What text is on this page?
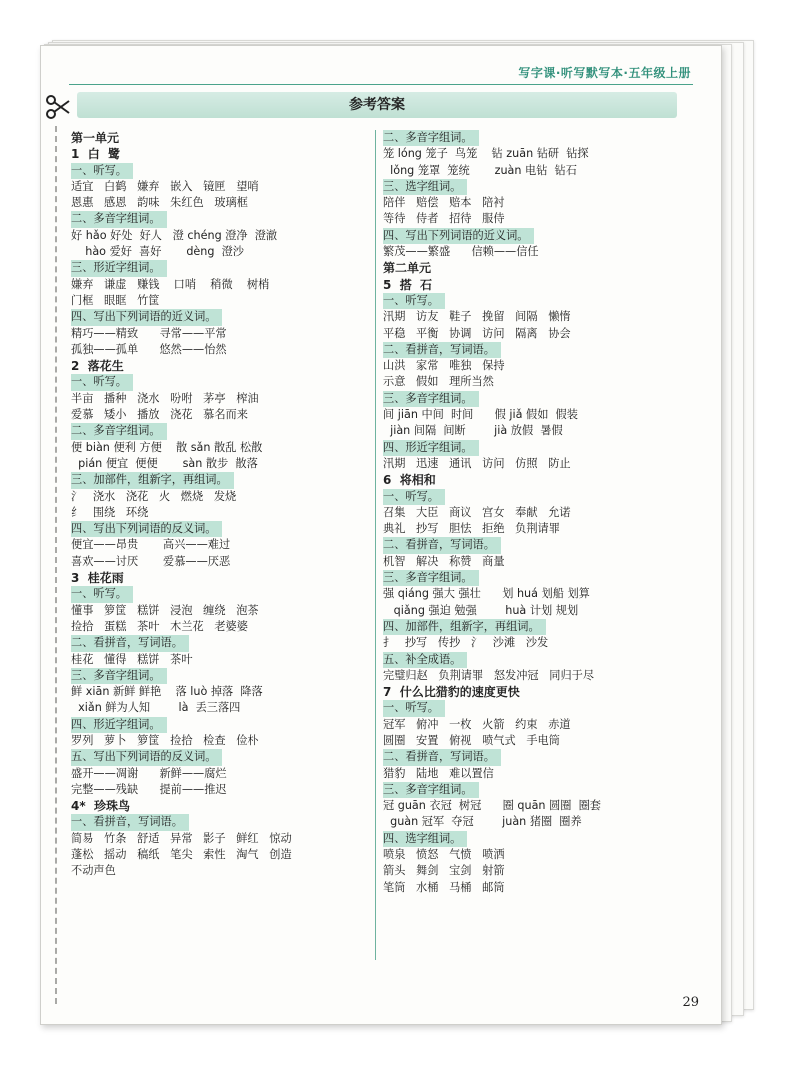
写字课·听写默写本·五年级上册
参考答案
第一单元
1  白  鹭
一、听写。
适宜   白鹤   嫌弃   嵌入   镜匣   望哨
恩惠   感恩   韵味   朱红色   玻璃框
二、多音字组词。
好 hǎo 好处  好人   澄 chéng 澄净  澄澈
hào 爱好  喜好       dèng  澄沙
三、形近字组词。
嫌弃   谦虚   赚钱    口哨    稍微    树梢
门框   眼眶   竹筐
四、写出下列词语的近义词。
精巧——精致      寻常——平常
孤独——孤单      悠然——怡然
2  落花生
一、听写。
半亩   播种   浇水   吩咐   茅亭   榨油
爱慕   矮小   播放   浇花   慕名而来
二、多音字组词。
便 biàn 便利 方便    散 sǎn 散乱 松散
pián 便宜  便便       sàn 散步  散落
三、加部件，组新字，再组词。
氵   浇水   浇花   火   燃烧   发烧
纟   围绕   环绕
四、写出下列词语的反义词。
便宜——昂贵       高兴——难过
喜欢——讨厌       爱慕——厌恶
3  桂花雨
一、听写。
懂事   箩筐   糕饼   浸泡   缠绕   泡茶
捡拾   蛋糕   茶叶   木兰花   老婆婆
二、看拼音，写词语。
桂花   懂得   糕饼   茶叶
三、多音字组词。
鲜 xiān 新鲜 鲜艳    落 luò 掉落  降落
xiǎn 鲜为人知        là  丢三落四
四、形近字组词。
罗列   萝卜   箩筐   捡拾   检查   俭朴
五、写出下列词语的反义词。
盛开——凋谢      新鲜——腐烂
完整——残缺      提前——推迟
4*  珍珠鸟
一、看拼音，写词语。
简易   竹条   舒适   异常   影子   鲜红   惊动
蓬松   摇动   稿纸   笔尖   索性   淘气   创造
不动声色
二、多音字组词。
笼 lóng 笼子  鸟笼    钻 zuān 钻研  钻探
lǒng 笼罩  笼统       zuàn 电钻  钻石
三、选字组词。
陪伴   赔偿   赔本   陪衬
等待   侍者   招待   服侍
四、写出下列词语的近义词。
繁茂——繁盛      信赖——信任
第二单元
5  搭  石
一、听写。
汛期   访友   鞋子   挽留   间隔   懒惰
平稳   平衡   协调   访问   隔离   协会
二、看拼音，写词语。
山洪   家常   唯独   保持
示意   假如   理所当然
三、多音字组词。
间 jiān 中间  时间      假 jiǎ 假如  假装
jiàn 间隔  间断        jià 放假  暑假
四、形近字组词。
汛期   迅速   通讯   访问   仿照   防止
6  将相和
一、听写。
召集   大臣   商议   宫女   奉献   允诺
典礼   抄写   胆怯   拒绝   负荆请罪
二、看拼音，写词语。
机智   解决   称赞   商量
三、多音字组词。
强 qiáng 强大 强壮      划 huá 划船 划算
qiǎng 强迫 勉强        huà 计划 规划
四、加部件，组新字，再组词。
扌   抄写   传抄   氵   沙滩   沙发
五、补全成语。
完璧归赵   负荆请罪   怒发冲冠   同归于尽
7  什么比猎豹的速度更快
一、听写。
冠军   俯冲   一枚   火箭   约束   赤道
圆圈   安置   俯视   喷气式   手电筒
二、看拼音，写词语。
猎豹   陆地   难以置信
三、多音字组词。
冠 guān 衣冠  树冠      圈 quān 圆圈  圈套
guàn 冠军  夺冠        juàn 猪圈  圈养
四、选字组词。
喷泉   愤怒   气愤   喷洒
箭头   舞剑   宝剑   射箭
笔筒   水桶   马桶   邮筒
29
